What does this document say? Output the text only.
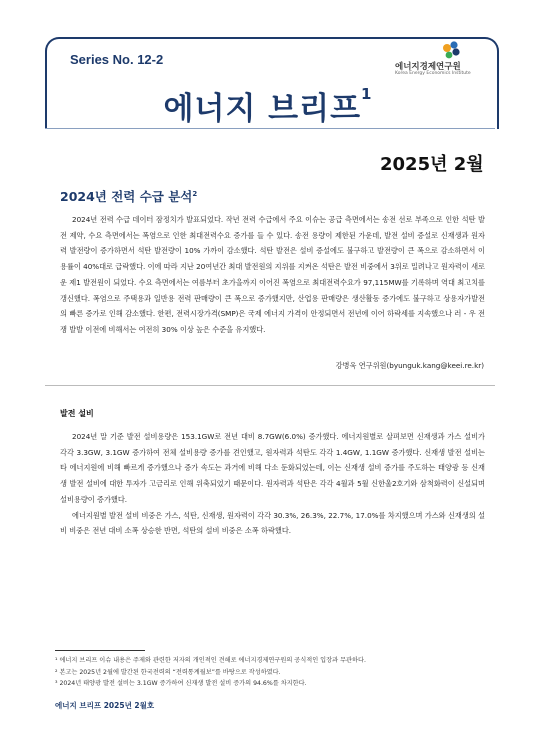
Series No. 12-2	에너지경제연구원
Korea Energy Economics Institute
에너지 브리프$^1$
2025년 2월
2024년 전력 수급 분석$^2$
2024년 전력 수급 데이터 잠정치가 발표되었다. 작년 전력 수급에서 주요 이슈는 공급 측면에서는 송전 선로 부족으로 인한 석탄 발전 제약, 수요 측면에서는 폭염으로 인한 최대전력수요 증가를 들 수 있다. 송전 용량이 제한된 가운데, 발전 설비 증설로 신재생과 원자력 발전량이 증가하면서 석탄 발전량이 10% 가까이 감소했다. 석탄 발전은 설비 증설에도 불구하고 발전량이 큰 폭으로 감소하면서 이용률이 40%대로 급락했다. 이에 따라 지난 20여년간 최대 발전원의 지위를 지켜온 석탄은 발전 비중에서 3위로 밀려나고 원자력이 새로운 제1 발전원이 되었다. 수요 측면에서는 여름부터 초가을까지 이어진 폭염으로 최대전력수요가 97,115MW를 기록하며 역대 최고치를 갱신했다. 폭염으로 주택용과 일반용 전력 판매량이 큰 폭으로 증가했지만, 산업용 판매량은 생산활동 증가에도 불구하고 상용자가발전의 빠른 증가로 인해 감소했다. 한편, 전력시장가격(SMP)은 국제 에너지 가격이 안정되면서 전년에 이어 하락세를 지속했으나 러 - 우 전쟁 발발 이전에 비해서는 여전히 30% 이상 높은 수준을 유지했다.
강병욱 연구위원(byunguk.kang@keei.re.kr)
발전 설비

2024년 말 기준 발전 설비용량은 153.1GW로 전년 대비 8.7GW(6.0%) 증가했다. 에너지원별로 살펴보면 신재생과 가스 설비가 각각 3.3GW, 3.1GW 증가하여 전체 설비용량 증가를 견인했고, 원자력과 석탄도 각각 1.4GW, 1.1GW 증가했다. 신재생 발전 설비는 타 에너지원에 비해 빠르게 증가했으나 증가 속도는 과거에 비해 다소 둔화되었는데, 이는 신재생 설비 증가를 주도하는 태양광 등 신재생 발전 설비에 대한 투자가 고금리로 인해 위축되었기 때문이다. 원자력과 석탄은 각각 4월과 5월 신한울2호기와 삼척화력이 신설되며 설비용량이 증가했다.

에너지원별 발전 설비 비중은 가스, 석탄, 신재생, 원자력이 각각 30.3%, 26.3%, 22.7%, 17.0%를 차지했으며 가스와 신재생의 설비 비중은 전년 대비 소폭 상승한 반면, 석탄의 설비 비중은 소폭 하락했다.

¹ 에너지 브리프 이슈 내용은 주제와 관련한 저자의 개인적인 견해로 에너지경제연구원의 공식적인 입장과 무관하다.
² 본고는 2025년 2월에 발간된 한국전력의 “전력통계월보”를 바탕으로 작성하였다.
³ 2024년 태양광 발전 설비는 3.1GW 증가하여 신재생 발전 설비 증가의 94.6%를 차지한다.
에너지 브리프 2025년 2월호
